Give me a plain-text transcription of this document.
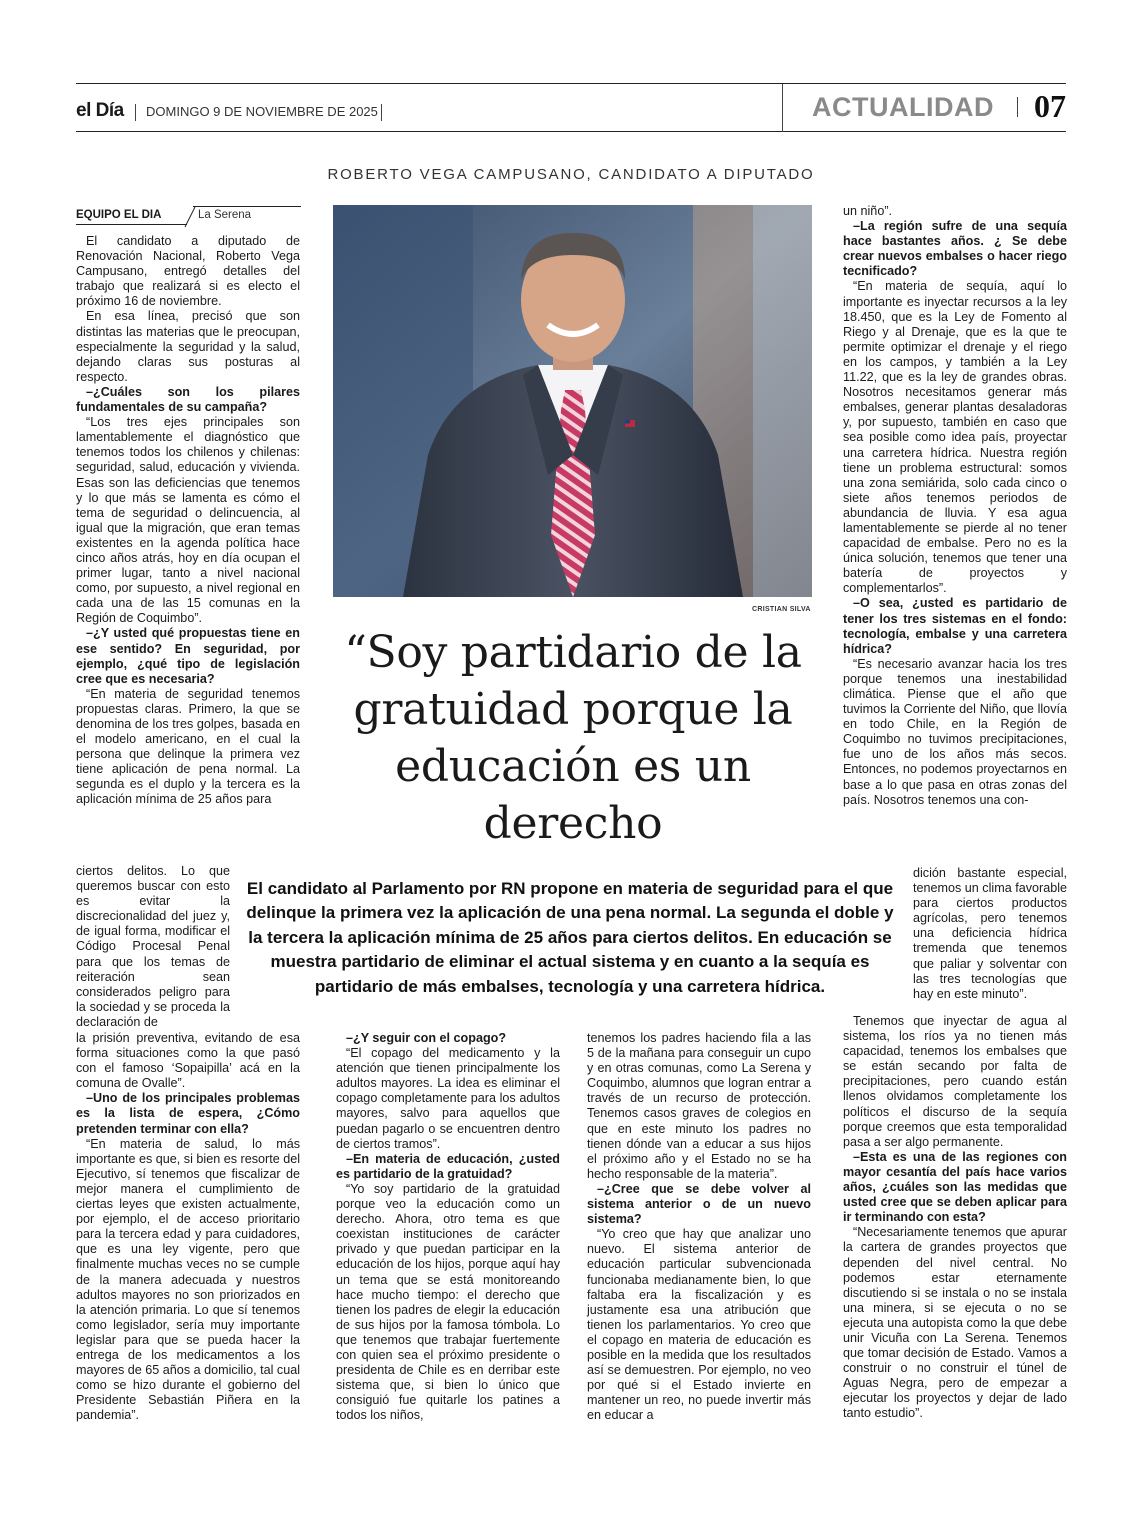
el Día DOMINGO 9 DE NOVIEMBRE DE 2025	ACTUALIDAD 07
ROBERTO VEGA CAMPUSANO, CANDIDATO A DIPUTADO
EQUIPO EL DIA	La Serena
CRISTIAN SILVA
“Soy partidario de la gratuidad porque la educación es un derecho
El candidato al Parlamento por RN propone en materia de seguridad para el que delinque la primera vez la aplicación de una pena normal. La segunda el doble y la tercera la aplicación mínima de 25 años para ciertos delitos. En educación se muestra partidario de eliminar el actual sistema y en cuanto a la sequía es partidario de más embalses, tecnología y una carretera hídrica.

El candidato a diputado de Renovación Nacional, Roberto Vega Campusano, entregó detalles del trabajo que realizará si es electo el próximo 16 de noviembre.

En esa línea, precisó que son distintas las materias que le preocupan, especialmente la seguridad y la salud, dejando claras sus posturas al respecto.

–¿Cuáles son los pilares fundamentales de su campaña?

“Los tres ejes principales son lamentablemente el diagnóstico que tenemos todos los chilenos y chilenas: seguridad, salud, educación y vivienda. Esas son las deficiencias que tenemos y lo que más se lamenta es cómo el tema de seguridad o delincuencia, al igual que la migración, que eran temas existentes en la agenda política hace cinco años atrás, hoy en día ocupan el primer lugar, tanto a nivel nacional como, por supuesto, a nivel regional en cada una de las 15 comunas en la Región de Coquimbo”.

–¿Y usted qué propuestas tiene en ese sentido? En seguridad, por ejemplo, ¿qué tipo de legislación cree que es necesaria?

“En materia de seguridad tenemos propuestas claras. Primero, la que se denomina de los tres golpes, basada en el modelo americano, en el cual la persona que delinque la primera vez tiene aplicación de pena normal. La segunda es el duplo y la tercera es la aplicación mínima de 25 años para

ciertos delitos. Lo que queremos buscar con esto es evitar la discrecionalidad del juez y, de igual forma, modificar el Código Procesal Penal para que los temas de reiteración sean considerados peligro para la sociedad y se proceda la declaración de

la prisión preventiva, evitando de esa forma situaciones como la que pasó con el famoso ‘Sopaipilla’ acá en la comuna de Ovalle”.

–Uno de los principales problemas es la lista de espera, ¿Cómo pretenden terminar con ella?

“En materia de salud, lo más importante es que, si bien es resorte del Ejecutivo, sí tenemos que fiscalizar de mejor manera el cumplimiento de ciertas leyes que existen actualmente, por ejemplo, el de acceso prioritario para la tercera edad y para cuidadores, que es una ley vigente, pero que finalmente muchas veces no se cumple de la manera adecuada y nuestros adultos mayores no son priorizados en la atención primaria. Lo que sí tenemos como legislador, sería muy importante legislar para que se pueda hacer la entrega de los medicamentos a los mayores de 65 años a domicilio, tal cual como se hizo durante el gobierno del Presidente Sebastián Piñera en la pandemia”.

–¿Y seguir con el copago?

“El copago del medicamento y la atención que tienen principalmente los adultos mayores. La idea es eliminar el copago completamente para los adultos mayores, salvo para aquellos que puedan pagarlo o se encuentren dentro de ciertos tramos”.

–En materia de educación, ¿usted es partidario de la gratuidad?

“Yo soy partidario de la gratuidad porque veo la educación como un derecho. Ahora, otro tema es que coexistan instituciones de carácter privado y que puedan participar en la educación de los hijos, porque aquí hay un tema que se está monitoreando hace mucho tiempo: el derecho que tienen los padres de elegir la educación de sus hijos por la famosa tómbola. Lo que tenemos que trabajar fuertemente con quien sea el próximo presidente o presidenta de Chile es en derribar este sistema que, si bien lo único que consiguió fue quitarle los patines a todos los niños,

tenemos los padres haciendo fila a las 5 de la mañana para conseguir un cupo y en otras comunas, como La Serena y Coquimbo, alumnos que logran entrar a través de un recurso de protección. Tenemos casos graves de colegios en que en este minuto los padres no tienen dónde van a educar a sus hijos el próximo año y el Estado no se ha hecho responsable de la materia”.

–¿Cree que se debe volver al sistema anterior o de un nuevo sistema?

“Yo creo que hay que analizar uno nuevo. El sistema anterior de educación particular subvencionada funcionaba medianamente bien, lo que faltaba era la fiscalización y es justamente esa una atribución que tienen los parlamentarios. Yo creo que el copago en materia de educación es posible en la medida que los resultados así se demuestren. Por ejemplo, no veo por qué si el Estado invierte en mantener un reo, no puede invertir más en educar a

un niño”.

–La región sufre de una sequía hace bastantes años. ¿ Se debe crear nuevos embalses o hacer riego tecnificado?

“En materia de sequía, aquí lo importante es inyectar recursos a la ley 18.450, que es la Ley de Fomento al Riego y al Drenaje, que es la que te permite optimizar el drenaje y el riego en los campos, y también a la Ley 11.22, que es la ley de grandes obras. Nosotros necesitamos generar más embalses, generar plantas desaladoras y, por supuesto, también en caso que sea posible como idea país, proyectar una carretera hídrica. Nuestra región tiene un problema estructural: somos una zona semiárida, solo cada cinco o siete años tenemos periodos de abundancia de lluvia. Y esa agua lamentablemente se pierde al no tener capacidad de embalse. Pero no es la única solución, tenemos que tener una batería de proyectos y complementarlos”.

–O sea, ¿usted es partidario de tener los tres sistemas en el fondo: tecnología, embalse y una carretera hídrica?

“Es necesario avanzar hacia los tres porque tenemos una inestabilidad climática. Piense que el año que tuvimos la Corriente del Niño, que llovía en todo Chile, en la Región de Coquimbo no tuvimos precipitaciones, fue uno de los años más secos. Entonces, no podemos proyectarnos en base a lo que pasa en otras zonas del país. Nosotros tenemos una con-

dición bastante especial, tenemos un clima favorable para ciertos productos agrícolas, pero tenemos una deficiencia hídrica tremenda que tenemos que paliar y solventar con las tres tecnologías que hay en este minuto”.

Tenemos que inyectar de agua al sistema, los ríos ya no tienen más capacidad, tenemos los embalses que se están secando por falta de precipitaciones, pero cuando están llenos olvidamos completamente los políticos el discurso de la sequía porque creemos que esta temporalidad pasa a ser algo permanente.

–Esta es una de las regiones con mayor cesantía del país hace varios años, ¿cuáles son las medidas que usted cree que se deben aplicar para ir terminando con esta?

“Necesariamente tenemos que apurar la cartera de grandes proyectos que dependen del nivel central. No podemos estar eternamente discutiendo si se instala o no se instala una minera, si se ejecuta o no se ejecuta una autopista como la que debe unir Vicuña con La Serena. Tenemos que tomar decisión de Estado. Vamos a construir o no construir el túnel de Aguas Negra, pero de empezar a ejecutar los proyectos y dejar de lado tanto estudio”.
